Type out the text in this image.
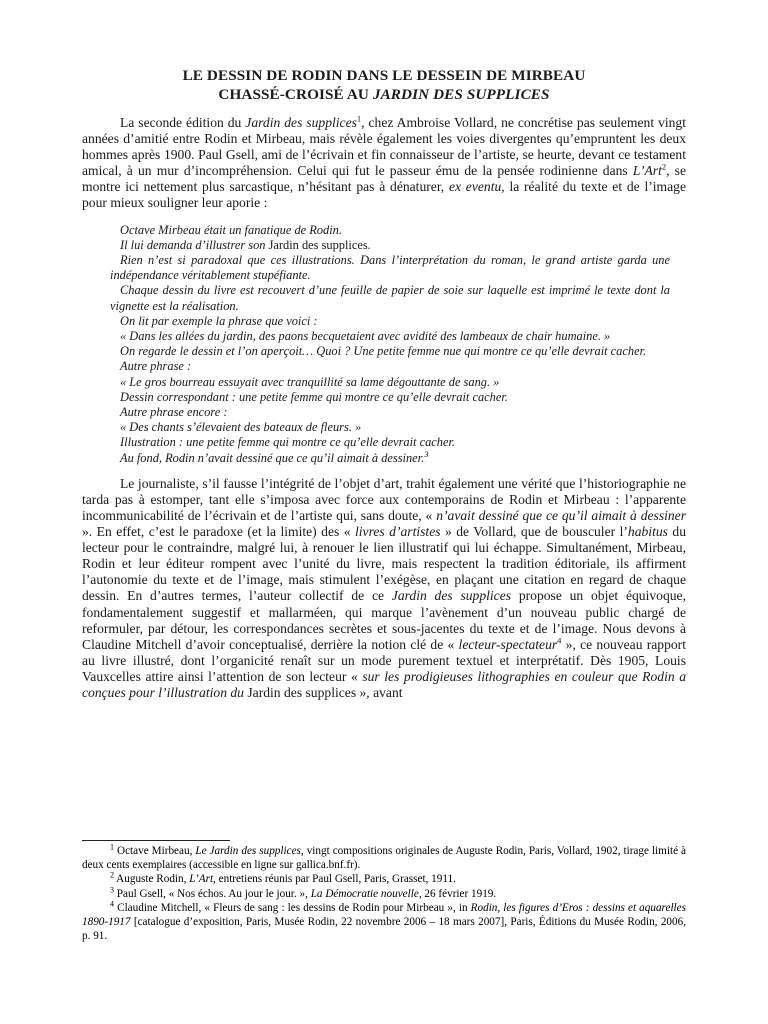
LE DESSIN DE RODIN DANS LE DESSEIN DE MIRBEAU
CHASSÉ-CROISÉ AU JARDIN DES SUPPLICES

La seconde édition du Jardin des supplices$^1$, chez Ambroise Vollard, ne concrétise pas seulement vingt années d’amitié entre Rodin et Mirbeau, mais révèle également les voies divergentes qu’empruntent les deux hommes après 1900. Paul Gsell, ami de l’écrivain et fin connaisseur de l’artiste, se heurte, devant ce testament amical, à un mur d’incompréhension. Celui qui fut le passeur ému de la pensée rodinienne dans L’Art$^2$, se montre ici nettement plus sarcastique, n’hésitant pas à dénaturer, ex eventu, la réalité du texte et de l’image pour mieux souligner leur aporie :

Octave Mirbeau était un fanatique de Rodin.
Il lui demanda d’illustrer son Jardin des supplices.
Rien n’est si paradoxal que ces illustrations. Dans l’interprétation du roman, le grand artiste garda une indépendance véritablement stupéfiante.
Chaque dessin du livre est recouvert d’une feuille de papier de soie sur laquelle est imprimé le texte dont la vignette est la réalisation.
On lit par exemple la phrase que voici :
« Dans les allées du jardin, des paons becquetaient avec avidité des lambeaux de chair humaine. »
On regarde le dessin et l’on aperçoit… Quoi ? Une petite femme nue qui montre ce qu’elle devrait cacher.
Autre phrase :
« Le gros bourreau essuyait avec tranquillité sa lame dégouttante de sang. »
Dessin correspondant : une petite femme qui montre ce qu’elle devrait cacher.
Autre phrase encore :
« Des chants s’élevaient des bateaux de fleurs. »
Illustration : une petite femme qui montre ce qu’elle devrait cacher.
Au fond, Rodin n’avait dessiné que ce qu’il aimait à dessiner.$^3$

Le journaliste, s’il fausse l’intégrité de l’objet d’art, trahit également une vérité que l’historiographie ne tarda pas à estomper, tant elle s’imposa avec force aux contemporains de Rodin et Mirbeau : l’apparente incommunicabilité de l’écrivain et de l’artiste qui, sans doute, « n’avait dessiné que ce qu’il aimait à dessiner ». En effet, c’est le paradoxe (et la limite) des « livres d’artistes » de Vollard, que de bousculer l’habitus du lecteur pour le contraindre, malgré lui, à renouer le lien illustratif qui lui échappe. Simultanément, Mirbeau, Rodin et leur éditeur rompent avec l’unité du livre, mais respectent la tradition éditoriale, ils affirment l’autonomie du texte et de l’image, mais stimulent l’exégèse, en plaçant une citation en regard de chaque dessin. En d’autres termes, l’auteur collectif de ce Jardin des supplices propose un objet équivoque, fondamentalement suggestif et mallarméen, qui marque l’avènement d’un nouveau public chargé de reformuler, par détour, les correspondances secrètes et sous-jacentes du texte et de l’image. Nous devons à Claudine Mitchell d’avoir conceptualisé, derrière la notion clé de « lecteur-spectateur$^4$ », ce nouveau rapport au livre illustré, dont l’organicité renaît sur un mode purement textuel et interprétatif. Dès 1905, Louis Vauxcelles attire ainsi l’attention de son lecteur « sur les prodigieuses lithographies en couleur que Rodin a conçues pour l’illustration du Jardin des supplices », avant

$^1$ Octave Mirbeau, Le Jardin des supplices, vingt compositions originales de Auguste Rodin, Paris, Vollard, 1902, tirage limité à deux cents exemplaires (accessible en ligne sur gallica.bnf.fr).

$^2$ Auguste Rodin, L’Art, entretiens réunis par Paul Gsell, Paris, Grasset, 1911.

$^3$ Paul Gsell, « Nos échos. Au jour le jour. », La Démocratie nouvelle, 26 février 1919.

$^4$ Claudine Mitchell, « Fleurs de sang : les dessins de Rodin pour Mirbeau », in Rodin, les figures d’Eros : dessins et aquarelles 1890-1917 [catalogue d’exposition, Paris, Musée Rodin, 22 novembre 2006 – 18 mars 2007], Paris, Éditions du Musée Rodin, 2006, p. 91.
